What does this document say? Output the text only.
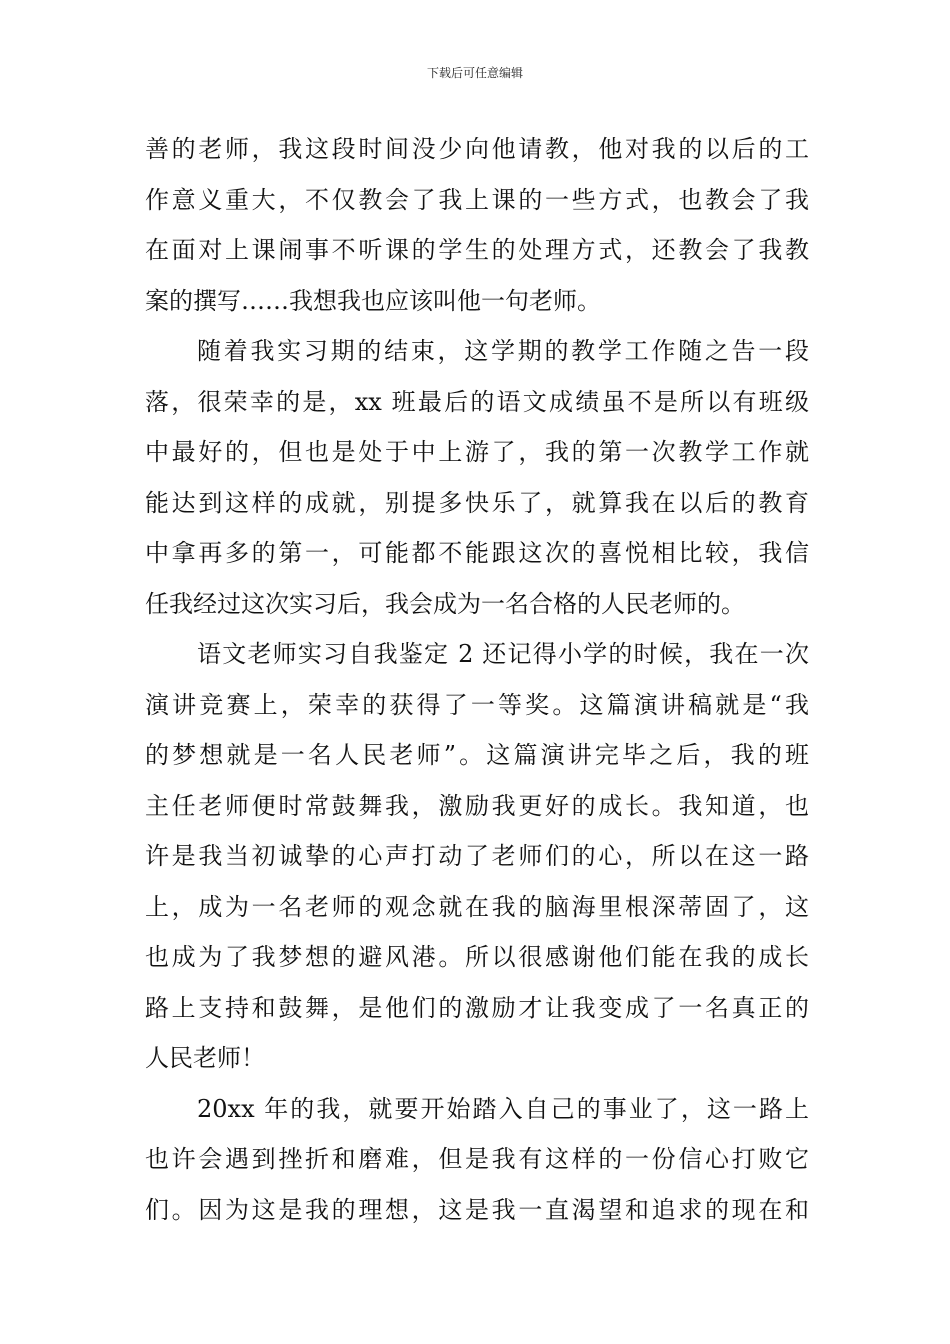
下载后可任意编辑
善的老师，我这段时间没少向他请教，他对我的以后的工
作意义重大，不仅教会了我上课的一些方式，也教会了我
在面对上课闹事不听课的学生的处理方式，还教会了我教
案的撰写……我想我也应该叫他一句老师。
随着我实习期的结束，这学期的教学工作随之告一段
落，很荣幸的是，xx 班最后的语文成绩虽不是所以有班级
中最好的，但也是处于中上游了，我的第一次教学工作就
能达到这样的成就，别提多快乐了，就算我在以后的教育
中拿再多的第一，可能都不能跟这次的喜悦相比较，我信
任我经过这次实习后，我会成为一名合格的人民老师的。
语文老师实习自我鉴定 2 还记得小学的时候，我在一次
演讲竞赛上，荣幸的获得了一等奖。这篇演讲稿就是“我
的梦想就是一名人民老师”。这篇演讲完毕之后，我的班
主任老师便时常鼓舞我，激励我更好的成长。我知道，也
许是我当初诚挚的心声打动了老师们的心，所以在这一路
上，成为一名老师的观念就在我的脑海里根深蒂固了，这
也成为了我梦想的避风港。所以很感谢他们能在我的成长
路上支持和鼓舞，是他们的激励才让我变成了一名真正的
人民老师！
20xx 年的我，就要开始踏入自己的事业了，这一路上
也许会遇到挫折和磨难，但是我有这样的一份信心打败它
们。因为这是我的理想，这是我一直渴望和追求的现在和
